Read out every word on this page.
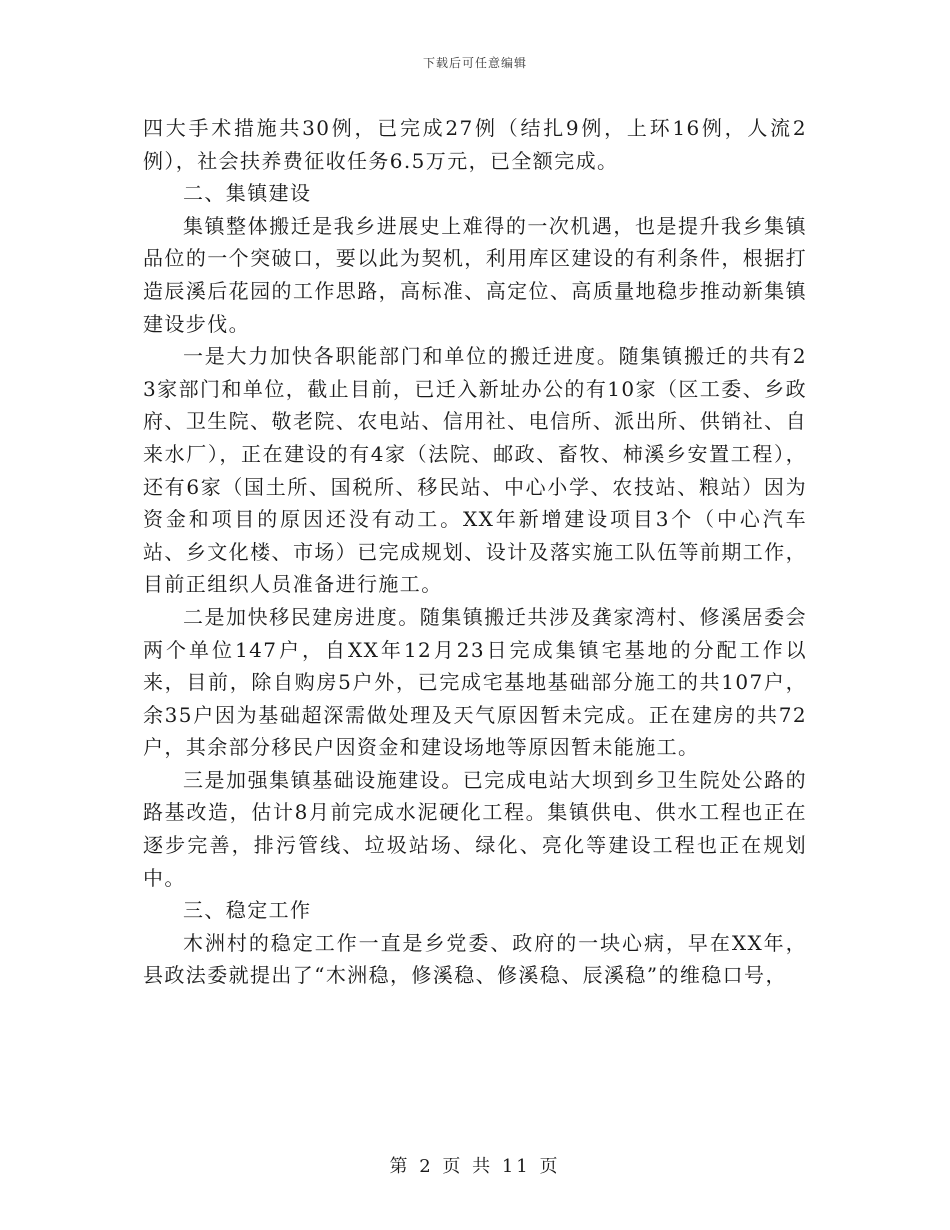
下载后可任意编辑

四大手术措施共30例，已完成27例（结扎9例，上环16例，人流2例），社会扶养费征收任务6.5万元，已全额完成。

二、集镇建设

集镇整体搬迁是我乡进展史上难得的一次机遇，也是提升我乡集镇品位的一个突破口，要以此为契机，利用库区建设的有利条件，根据打造辰溪后花园的工作思路，高标准、高定位、高质量地稳步推动新集镇建设步伐。

一是大力加快各职能部门和单位的搬迁进度。随集镇搬迁的共有23家部门和单位，截止目前，已迁入新址办公的有10家（区工委、乡政府、卫生院、敬老院、农电站、信用社、电信所、派出所、供销社、自来水厂），正在建设的有4家（法院、邮政、畜牧、柿溪乡安置工程），还有6家（国土所、国税所、移民站、中心小学、农技站、粮站）因为资金和项目的原因还没有动工。XX年新增建设项目3个（中心汽车站、乡文化楼、市场）已完成规划、设计及落实施工队伍等前期工作，目前正组织人员准备进行施工。

二是加快移民建房进度。随集镇搬迁共涉及龚家湾村、修溪居委会两个单位147户，自XX年12月23日完成集镇宅基地的分配工作以来，目前，除自购房5户外，已完成宅基地基础部分施工的共107户，余35户因为基础超深需做处理及天气原因暂未完成。正在建房的共72户，其余部分移民户因资金和建设场地等原因暂未能施工。

三是加强集镇基础设施建设。已完成电站大坝到乡卫生院处公路的路基改造，估计8月前完成水泥硬化工程。集镇供电、供水工程也正在逐步完善，排污管线、垃圾站场、绿化、亮化等建设工程也正在规划中。

三、稳定工作

木洲村的稳定工作一直是乡党委、政府的一块心病，早在XX年，县政法委就提出了“木洲稳，修溪稳、修溪稳、辰溪稳”的维稳口号，

第 2 页 共 11 页
